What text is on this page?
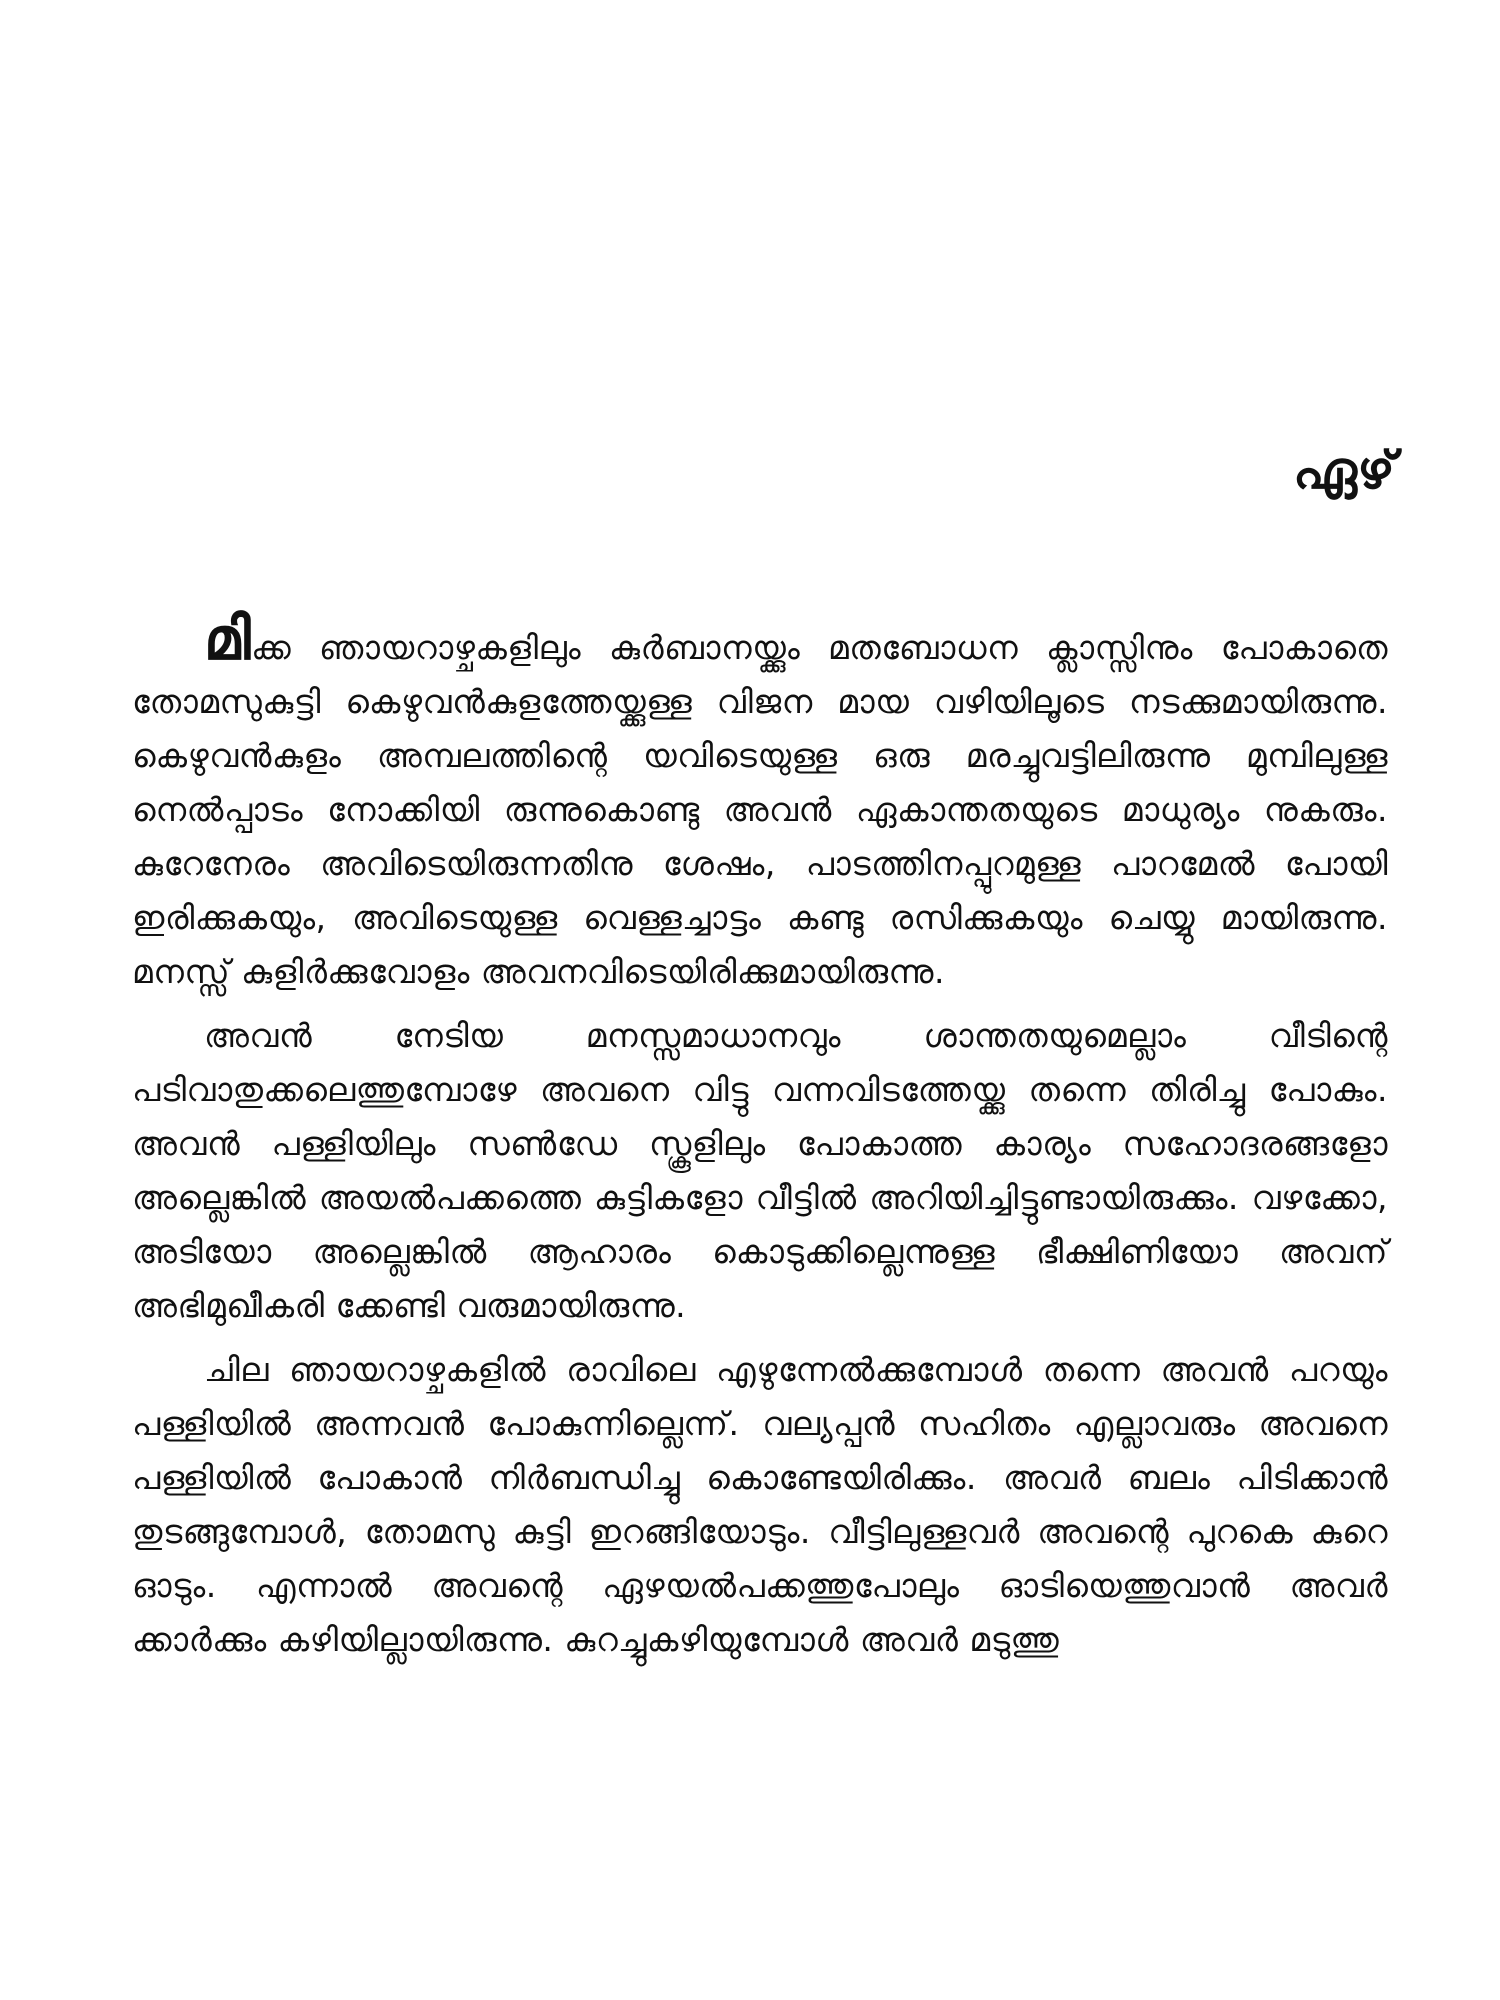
ഏഴ്

മിക്ക ഞായറാഴ്ചകളിലും കുർബാനയ്ക്കും മതബോധന ക്ലാസ്സിനും പോകാതെ തോമസുകുട്ടി കെഴുവൻകുളത്തേയ്ക്കുള്ള വിജന മായ വഴിയിലൂടെ നടക്കുമായിരുന്നു. കെഴുവൻകുളം അമ്പലത്തിന്റെ യവിടെയുള്ള ഒരു മരച്ചുവട്ടിലിരുന്നു മുമ്പിലുള്ള നെൽപ്പാടം നോക്കിയി രുന്നുകൊണ്ടു അവൻ ഏകാന്തതയുടെ മാധുര്യം നുകരും. കുറേനേരം അവിടെയിരുന്നതിനു ശേഷം, പാടത്തിനപ്പുറമുള്ള പാറമേൽ പോയി ഇരിക്കുകയും, അവിടെയുള്ള വെള്ളച്ചാട്ടം കണ്ടു രസിക്കുകയും ചെയ്യു മായിരുന്നു. മനസ്സ് കുളിർക്കുവോളം അവനവിടെയിരിക്കുമായിരുന്നു.

അവൻ നേടിയ മനസ്സമാധാനവും ശാന്തതയുമെല്ലാം വീടിന്റെ പടിവാതുക്കലെത്തുമ്പോഴേ അവനെ വിട്ടു വന്നവിടത്തേയ്ക്കു തന്നെ തിരിച്ചു പോകും. അവൻ പള്ളിയിലും സൺഡേ സ്കൂളിലും പോകാത്ത കാര്യം സഹോദരങ്ങളോ അല്ലെങ്കിൽ അയൽപക്കത്തെ കുട്ടികളോ വീട്ടിൽ അറിയിച്ചിട്ടുണ്ടായിരുക്കും. വഴക്കോ, അടിയോ അല്ലെങ്കിൽ ആഹാരം കൊടുക്കില്ലെന്നുള്ള ഭീക്ഷിണിയോ അവന് അഭിമുഖീകരി ക്കേണ്ടി വരുമായിരുന്നു.

ചില ഞായറാഴ്ചകളിൽ രാവിലെ എഴുന്നേൽക്കുമ്പോൾ തന്നെ അവൻ പറയും പള്ളിയിൽ അന്നവൻ പോകുന്നില്ലെന്ന്. വല്യപ്പൻ സഹിതം എല്ലാവരും അവനെ പള്ളിയിൽ പോകാൻ നിർബന്ധിച്ചു കൊണ്ടേയിരിക്കും. അവർ ബലം പിടിക്കാൻ തുടങ്ങുമ്പോൾ, തോമസു കുട്ടി ഇറങ്ങിയോടും. വീട്ടിലുള്ളവർ അവന്റെ പുറകെ കുറെ ഓടും. എന്നാൽ അവന്റെ ഏഴയൽപക്കത്തുപോലും ഓടിയെത്തുവാൻ അവർ ക്കാർക്കും കഴിയില്ലായിരുന്നു. കുറച്ചുകഴിയുമ്പോൾ അവർ മടുത്തു
